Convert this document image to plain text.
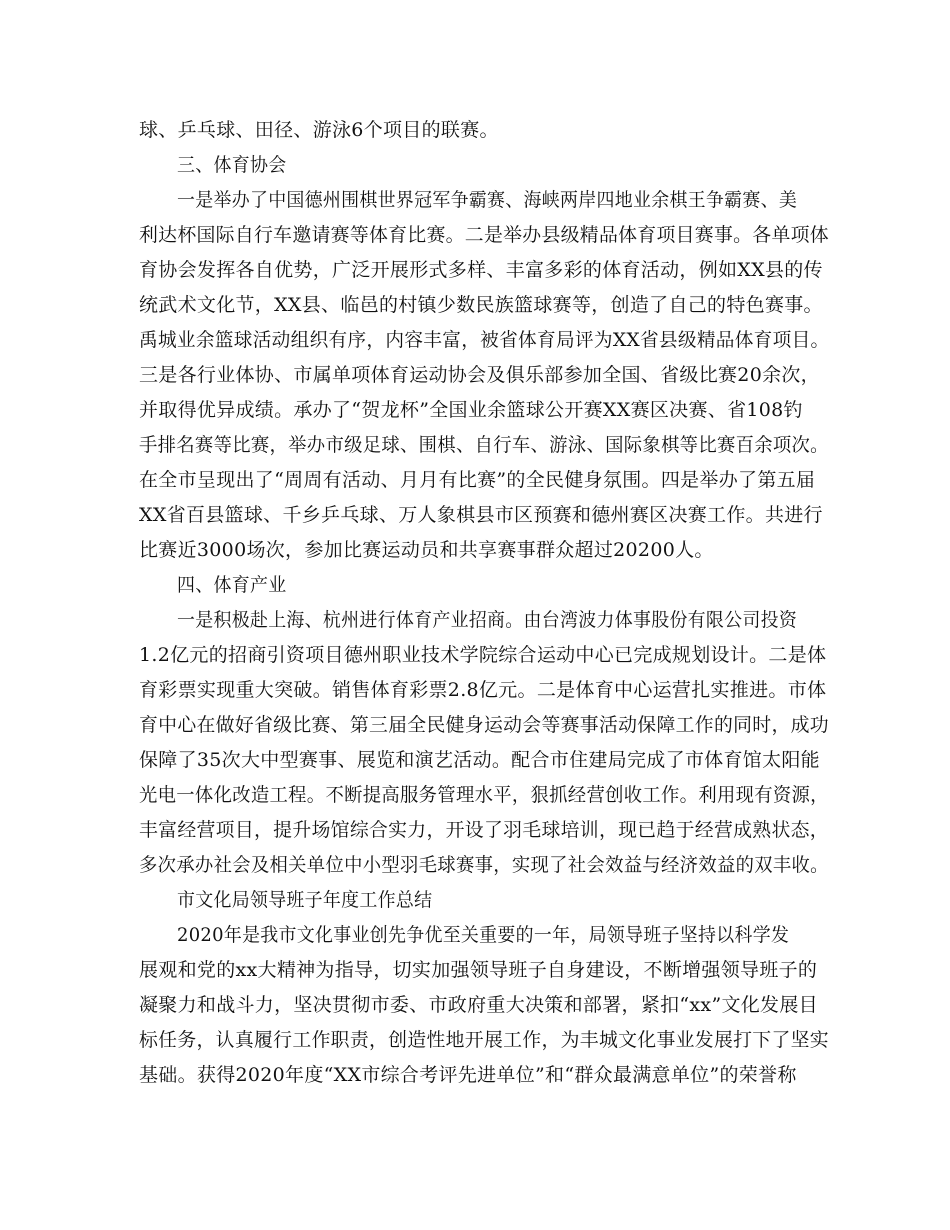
球、乒乓球、田径、游泳6个项目的联赛。
三、体育协会
一是举办了中国德州围棋世界冠军争霸赛、海峡两岸四地业余棋王争霸赛、美
利达杯国际自行车邀请赛等体育比赛。二是举办县级精品体育项目赛事。各单项体
育协会发挥各自优势，广泛开展形式多样、丰富多彩的体育活动，例如XX县的传
统武术文化节，XX县、临邑的村镇少数民族篮球赛等，创造了自己的特色赛事。
禹城业余篮球活动组织有序，内容丰富，被省体育局评为XX省县级精品体育项目。
三是各行业体协、市属单项体育运动协会及俱乐部参加全国、省级比赛20余次，
并取得优异成绩。承办了“贺龙杯”全国业余篮球公开赛XX赛区决赛、省108钓
手排名赛等比赛，举办市级足球、围棋、自行车、游泳、国际象棋等比赛百余项次。
在全市呈现出了“周周有活动、月月有比赛”的全民健身氛围。四是举办了第五届
XX省百县篮球、千乡乒乓球、万人象棋县市区预赛和德州赛区决赛工作。共进行
比赛近3000场次，参加比赛运动员和共享赛事群众超过20200人。
四、体育产业
一是积极赴上海、杭州进行体育产业招商。由台湾波力体事股份有限公司投资
1.2亿元的招商引资项目德州职业技术学院综合运动中心已完成规划设计。二是体
育彩票实现重大突破。销售体育彩票2.8亿元。二是体育中心运营扎实推进。市体
育中心在做好省级比赛、第三届全民健身运动会等赛事活动保障工作的同时，成功
保障了35次大中型赛事、展览和演艺活动。配合市住建局完成了市体育馆太阳能
光电一体化改造工程。不断提高服务管理水平，狠抓经营创收工作。利用现有资源，
丰富经营项目，提升场馆综合实力，开设了羽毛球培训，现已趋于经营成熟状态，
多次承办社会及相关单位中小型羽毛球赛事，实现了社会效益与经济效益的双丰收。
市文化局领导班子年度工作总结
2020年是我市文化事业创先争优至关重要的一年，局领导班子坚持以科学发
展观和党的xx大精神为指导，切实加强领导班子自身建设，不断增强领导班子的
凝聚力和战斗力，坚决贯彻市委、市政府重大决策和部署，紧扣“xx”文化发展目
标任务，认真履行工作职责，创造性地开展工作，为丰城文化事业发展打下了坚实
基础。获得2020年度“XX市综合考评先进单位”和“群众最满意单位”的荣誉称
